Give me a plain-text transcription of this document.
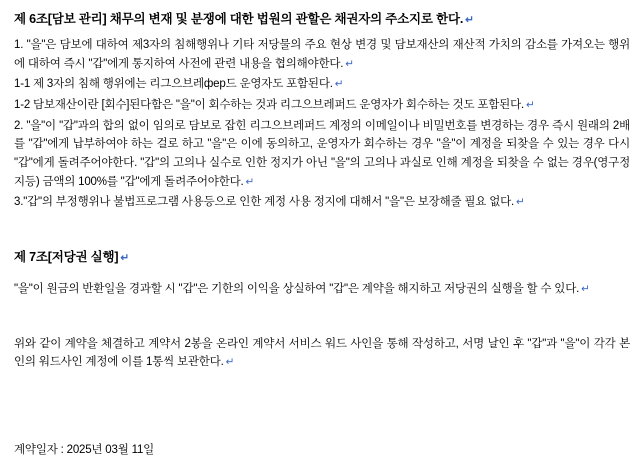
제 6조[담보 관리] 채무의 변재 및 분쟁에 대한 법원의 관할은 채권자의 주소지로 한다. ↵

1. "을"은 담보에 대하여 제3자의 침해행위나 기타 저당물의 주요 현상 변경 및 담보재산의 재산적 가치의 감소를 가져오는 행위에 대하여 즉시 "갑"에게 통지하여 사전에 관련 내용을 협의해야한다. ↵

1-1 제 3자의 침해 행위에는 리그으브레фер드 운영자도 포함된다. ↵

1-2 담보재산이란 [회수]된다함은 "을"이 회수하는 것과 리그으브레퍼드 운영자가 회수하는 것도 포함된다. ↵

2. "을"이 "갑"과의 합의 없이 임의로 담보로 잡힌 리그으브레퍼드 계정의 이메일이나 비밀번호를 변경하는 경우 즉시 원래의 2배를 "갑"에게 납부하여야 하는 걸로 하고 "을"은 이에 동의하고, 운영자가 회수하는 경우 "을"이 계정을 되찾을 수 있는 경우 다시 "갑"에게 돌려주어야한다. "갑"의 고의나 실수로 인한 정지가 아닌 "을"의 고의나 과실로 인해 계정을 되찾을 수 없는 경우(영구정지등) 금액의 100%를 "갑"에게 돌려주어야한다. ↵

3."갑"의 부정행위나 불법프로그램 사용등으로 인한 계정 사용 정지에 대해서 "을"은 보장해줄 필요 없다. ↵

제 7조[저당권 실행] ↵

"을"이 원금의 반환일을 경과할 시 "갑"은 기한의 이익을 상실하여 "갑"은 계약을 해지하고 저당권의 실행을 할 수 있다. ↵

위와 같이 계약을 체결하고 계약서 2봉을 온라인 계약서 서비스 워드 사인을 통해 작성하고, 서명 날인 후 "갑"과 "을"이 각각 본인의 워드사인 계정에 이를 1통씩 보관한다. ↵

계약일자 : 2025년 03월 11일
